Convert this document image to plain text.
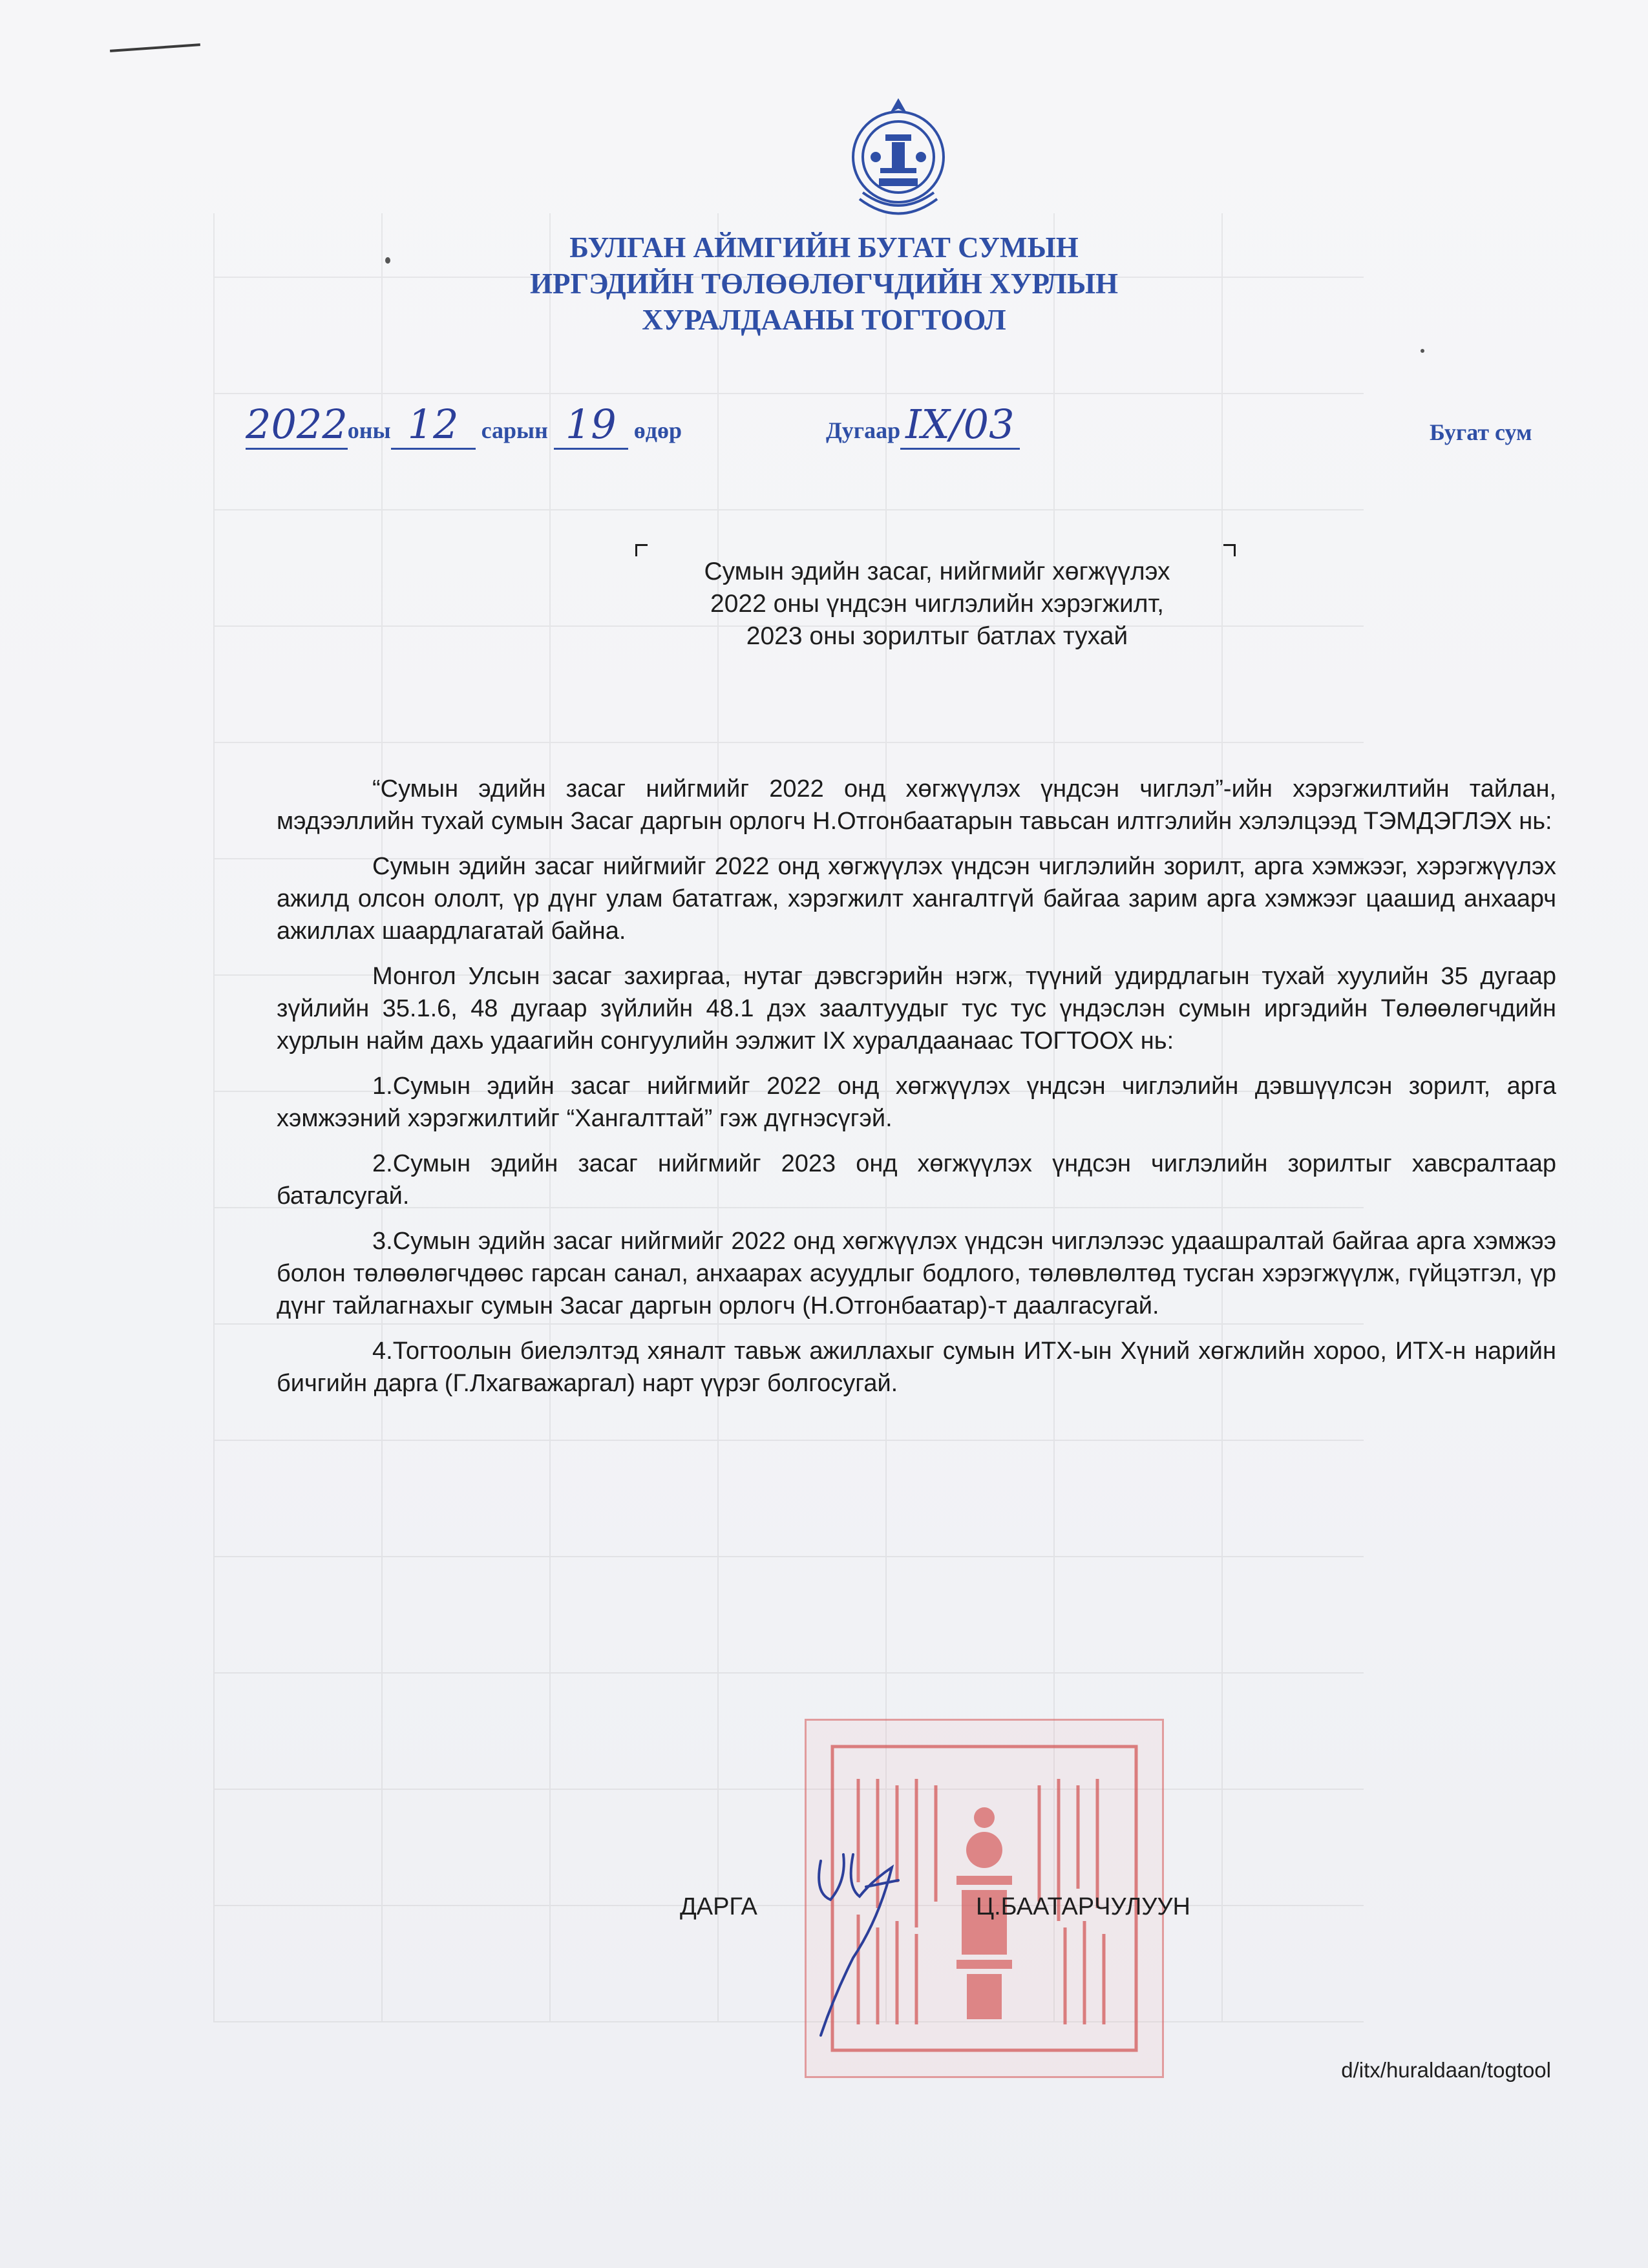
БУЛГАН АЙМГИЙН БУГАТ СУМЫН
ИРГЭДИЙН ТӨЛӨӨЛӨГЧДИЙН ХУРЛЫН
ХУРАЛДААНЫ ТОГТООЛ
2022оны 12 сарын 19 өдөр	Дугаар IX/03	Бугат сум
Сумын эдийн засаг, нийгмийг хөгжүүлэх
2022 оны үндсэн чиглэлийн хэрэгжилт,
2023 оны зорилтыг батлах тухай

“Сумын эдийн засаг нийгмийг 2022 онд хөгжүүлэх үндсэн чиглэл”-ийн хэрэгжилтийн тайлан, мэдээллийн тухай сумын Засаг даргын орлогч Н.Отгонбаатарын тавьсан илтгэлийн хэлэлцээд ТЭМДЭГЛЭХ нь:

Сумын эдийн засаг нийгмийг 2022 онд хөгжүүлэх үндсэн чиглэлийн зорилт, арга хэмжээг, хэрэгжүүлэх ажилд олсон ололт, үр дүнг улам бататгаж, хэрэгжилт хангалтгүй байгаа зарим арга хэмжээг цаашид анхаарч ажиллах шаардлагатай байна.

Монгол Улсын засаг захиргаа, нутаг дэвсгэрийн нэгж, түүний удирдлагын тухай хуулийн 35 дугаар зүйлийн 35.1.6, 48 дугаар зүйлийн 48.1 дэх заалтуудыг тус тус үндэслэн сумын иргэдийн Төлөөлөгчдийн хурлын найм дахь удаагийн сонгуулийн ээлжит IX хуралдаанаас ТОГТООХ нь:

1.Сумын эдийн засаг нийгмийг 2022 онд хөгжүүлэх үндсэн чиглэлийн дэвшүүлсэн зорилт, арга хэмжээний хэрэгжилтийг “Хангалттай” гэж дүгнэсүгэй.

2.Сумын эдийн засаг нийгмийг 2023 онд хөгжүүлэх үндсэн чиглэлийн зорилтыг хавсралтаар баталсугай.

3.Сумын эдийн засаг нийгмийг 2022 онд хөгжүүлэх үндсэн чиглэлээс удаашралтай байгаа арга хэмжээ болон төлөөлөгчдөөс гарсан санал, анхаарах асуудлыг бодлого, төлөвлөлтөд тусган хэрэгжүүлж, гүйцэтгэл, үр дүнг тайлагнахыг сумын Засаг даргын орлогч (Н.Отгонбаатар)-т даалгасугай.

4.Тогтоолын биелэлтэд хяналт тавьж ажиллахыг сумын ИТХ-ын Хүний хөгжлийн хороо, ИТХ-н нарийн бичгийн дарга (Г.Лхагважаргал) нарт үүрэг болгосугай.

ДАРГА	Ц.БААТАРЧУЛУУН
d/itx/huraldaan/togtool
